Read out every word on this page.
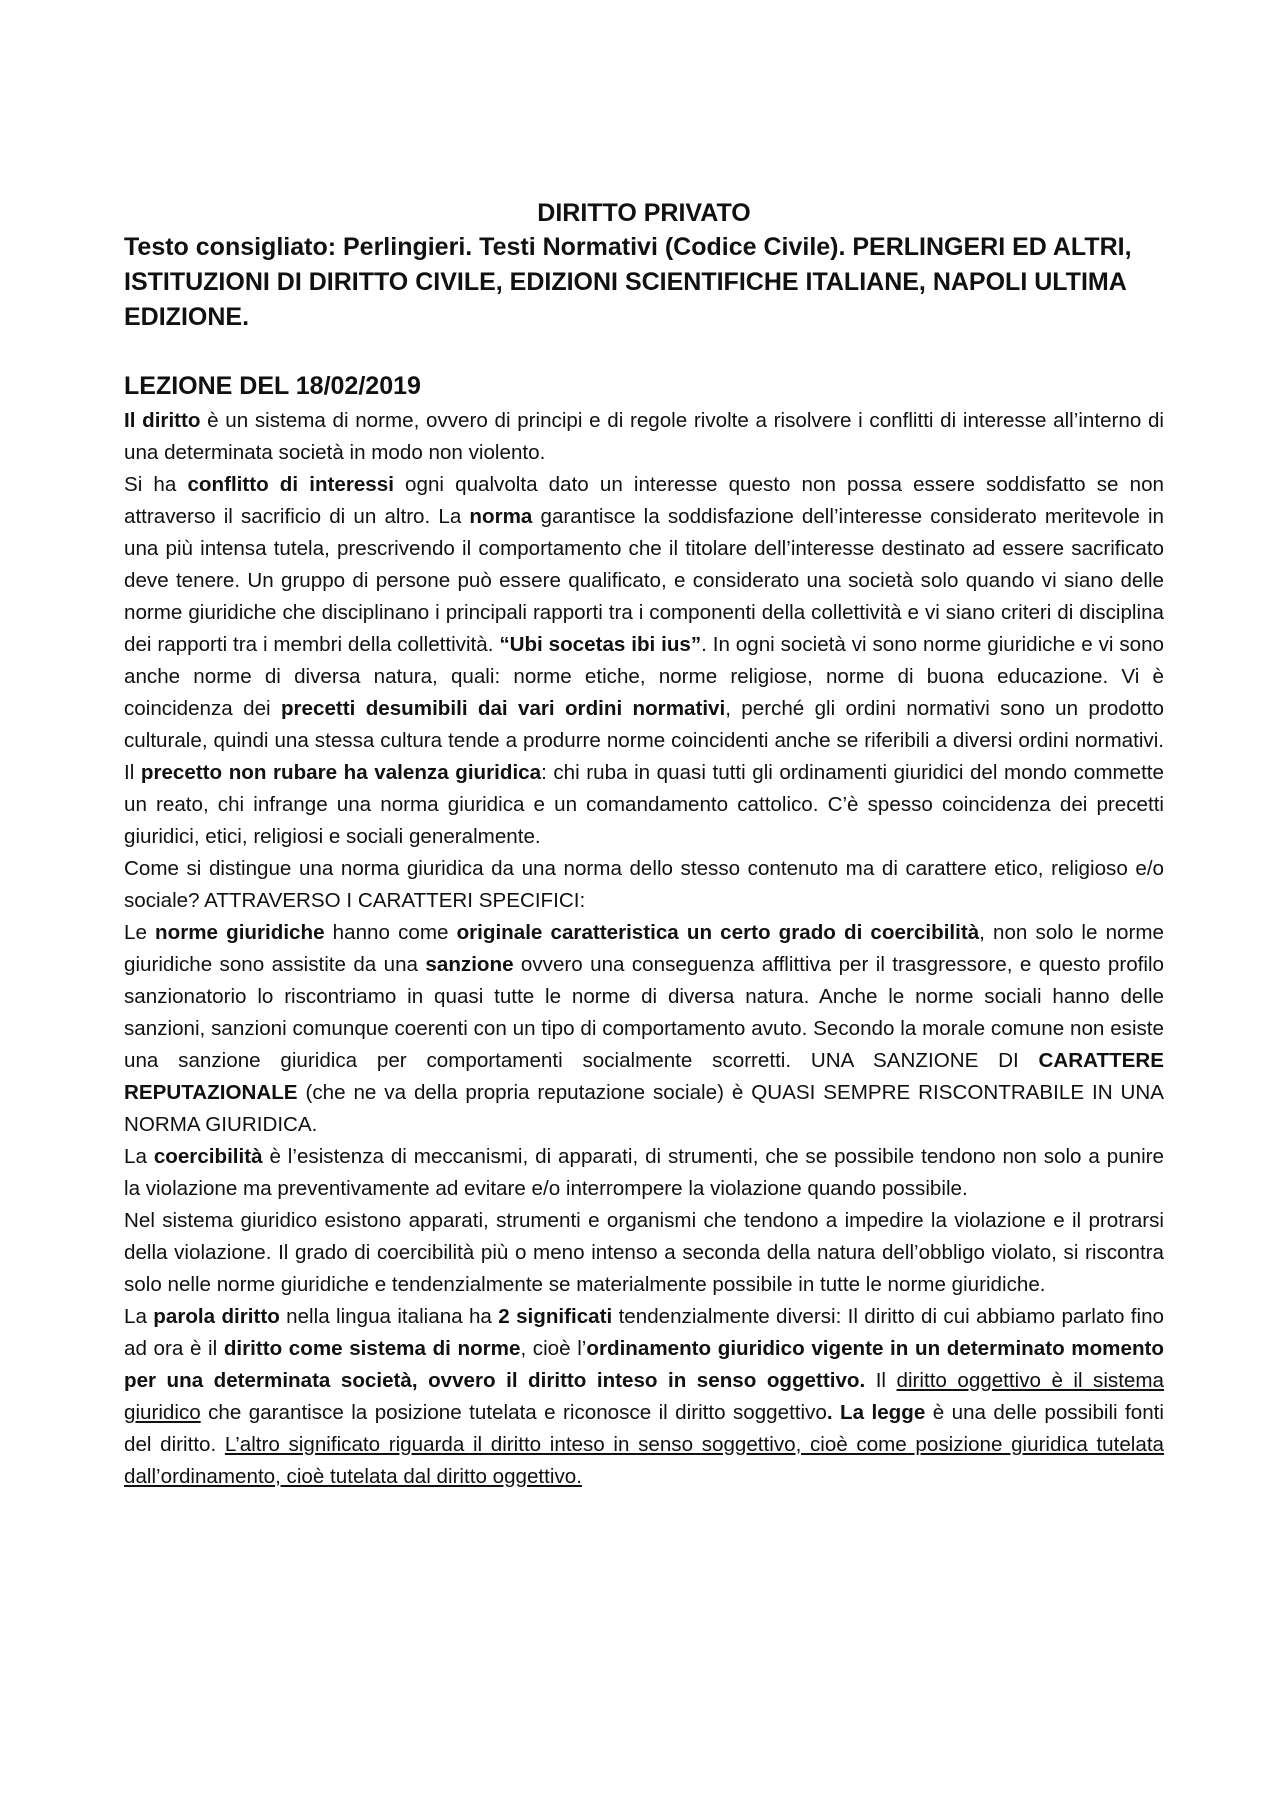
DIRITTO PRIVATO

Testo consigliato: Perlingieri. Testi Normativi (Codice Civile). PERLINGERI ED ALTRI, ISTITUZIONI DI DIRITTO CIVILE, EDIZIONI SCIENTIFICHE ITALIANE, NAPOLI ULTIMA EDIZIONE.

LEZIONE DEL 18/02/2019

Il diritto è un sistema di norme, ovvero di principi e di regole rivolte a risolvere i conflitti di interesse all’interno di una determinata società in modo non violento.

Si ha conflitto di interessi ogni qualvolta dato un interesse questo non possa essere soddisfatto se non attraverso il sacrificio di un altro. La norma garantisce la soddisfazione dell’interesse considerato meritevole in una più intensa tutela, prescrivendo il comportamento che il titolare dell’interesse destinato ad essere sacrificato deve tenere. Un gruppo di persone può essere qualificato, e considerato una società solo quando vi siano delle norme giuridiche che disciplinano i principali rapporti tra i componenti della collettività e vi siano criteri di disciplina dei rapporti tra i membri della collettività. “Ubi socetas ibi ius”. In ogni società vi sono norme giuridiche e vi sono anche norme di diversa natura, quali: norme etiche, norme religiose, norme di buona educazione. Vi è coincidenza dei precetti desumibili dai vari ordini normativi, perché gli ordini normativi sono un prodotto culturale, quindi una stessa cultura tende a produrre norme coincidenti anche se riferibili a diversi ordini normativi. Il precetto non rubare ha valenza giuridica: chi ruba in quasi tutti gli ordinamenti giuridici del mondo commette un reato, chi infrange una norma giuridica e un comandamento cattolico. C’è spesso coincidenza dei precetti giuridici, etici, religiosi e sociali generalmente.

Come si distingue una norma giuridica da una norma dello stesso contenuto ma di carattere etico, religioso e/o sociale? ATTRAVERSO I CARATTERI SPECIFICI:

Le norme giuridiche hanno come originale caratteristica un certo grado di coercibilità, non solo le norme giuridiche sono assistite da una sanzione ovvero una conseguenza afflittiva per il trasgressore, e questo profilo sanzionatorio lo riscontriamo in quasi tutte le norme di diversa natura. Anche le norme sociali hanno delle sanzioni, sanzioni comunque coerenti con un tipo di comportamento avuto. Secondo la morale comune non esiste una sanzione giuridica per comportamenti socialmente scorretti. UNA SANZIONE DI CARATTERE REPUTAZIONALE (che ne va della propria reputazione sociale) è QUASI SEMPRE RISCONTRABILE IN UNA NORMA GIURIDICA.

La coercibilità è l’esistenza di meccanismi, di apparati, di strumenti, che se possibile tendono non solo a punire la violazione ma preventivamente ad evitare e/o interrompere la violazione quando possibile.

Nel sistema giuridico esistono apparati, strumenti e organismi che tendono a impedire la violazione e il protrarsi della violazione. Il grado di coercibilità più o meno intenso a seconda della natura dell’obbligo violato, si riscontra solo nelle norme giuridiche e tendenzialmente se materialmente possibile in tutte le norme giuridiche.

La parola diritto nella lingua italiana ha 2 significati tendenzialmente diversi: Il diritto di cui abbiamo parlato fino ad ora è il diritto come sistema di norme, cioè l’ordinamento giuridico vigente in un determinato momento per una determinata società, ovvero il diritto inteso in senso oggettivo. Il diritto oggettivo è il sistema giuridico che garantisce la posizione tutelata e riconosce il diritto soggettivo. La legge è una delle possibili fonti del diritto. L’altro significato riguarda il diritto inteso in senso soggettivo, cioè come posizione giuridica tutelata dall’ordinamento, cioè tutelata dal diritto oggettivo.
